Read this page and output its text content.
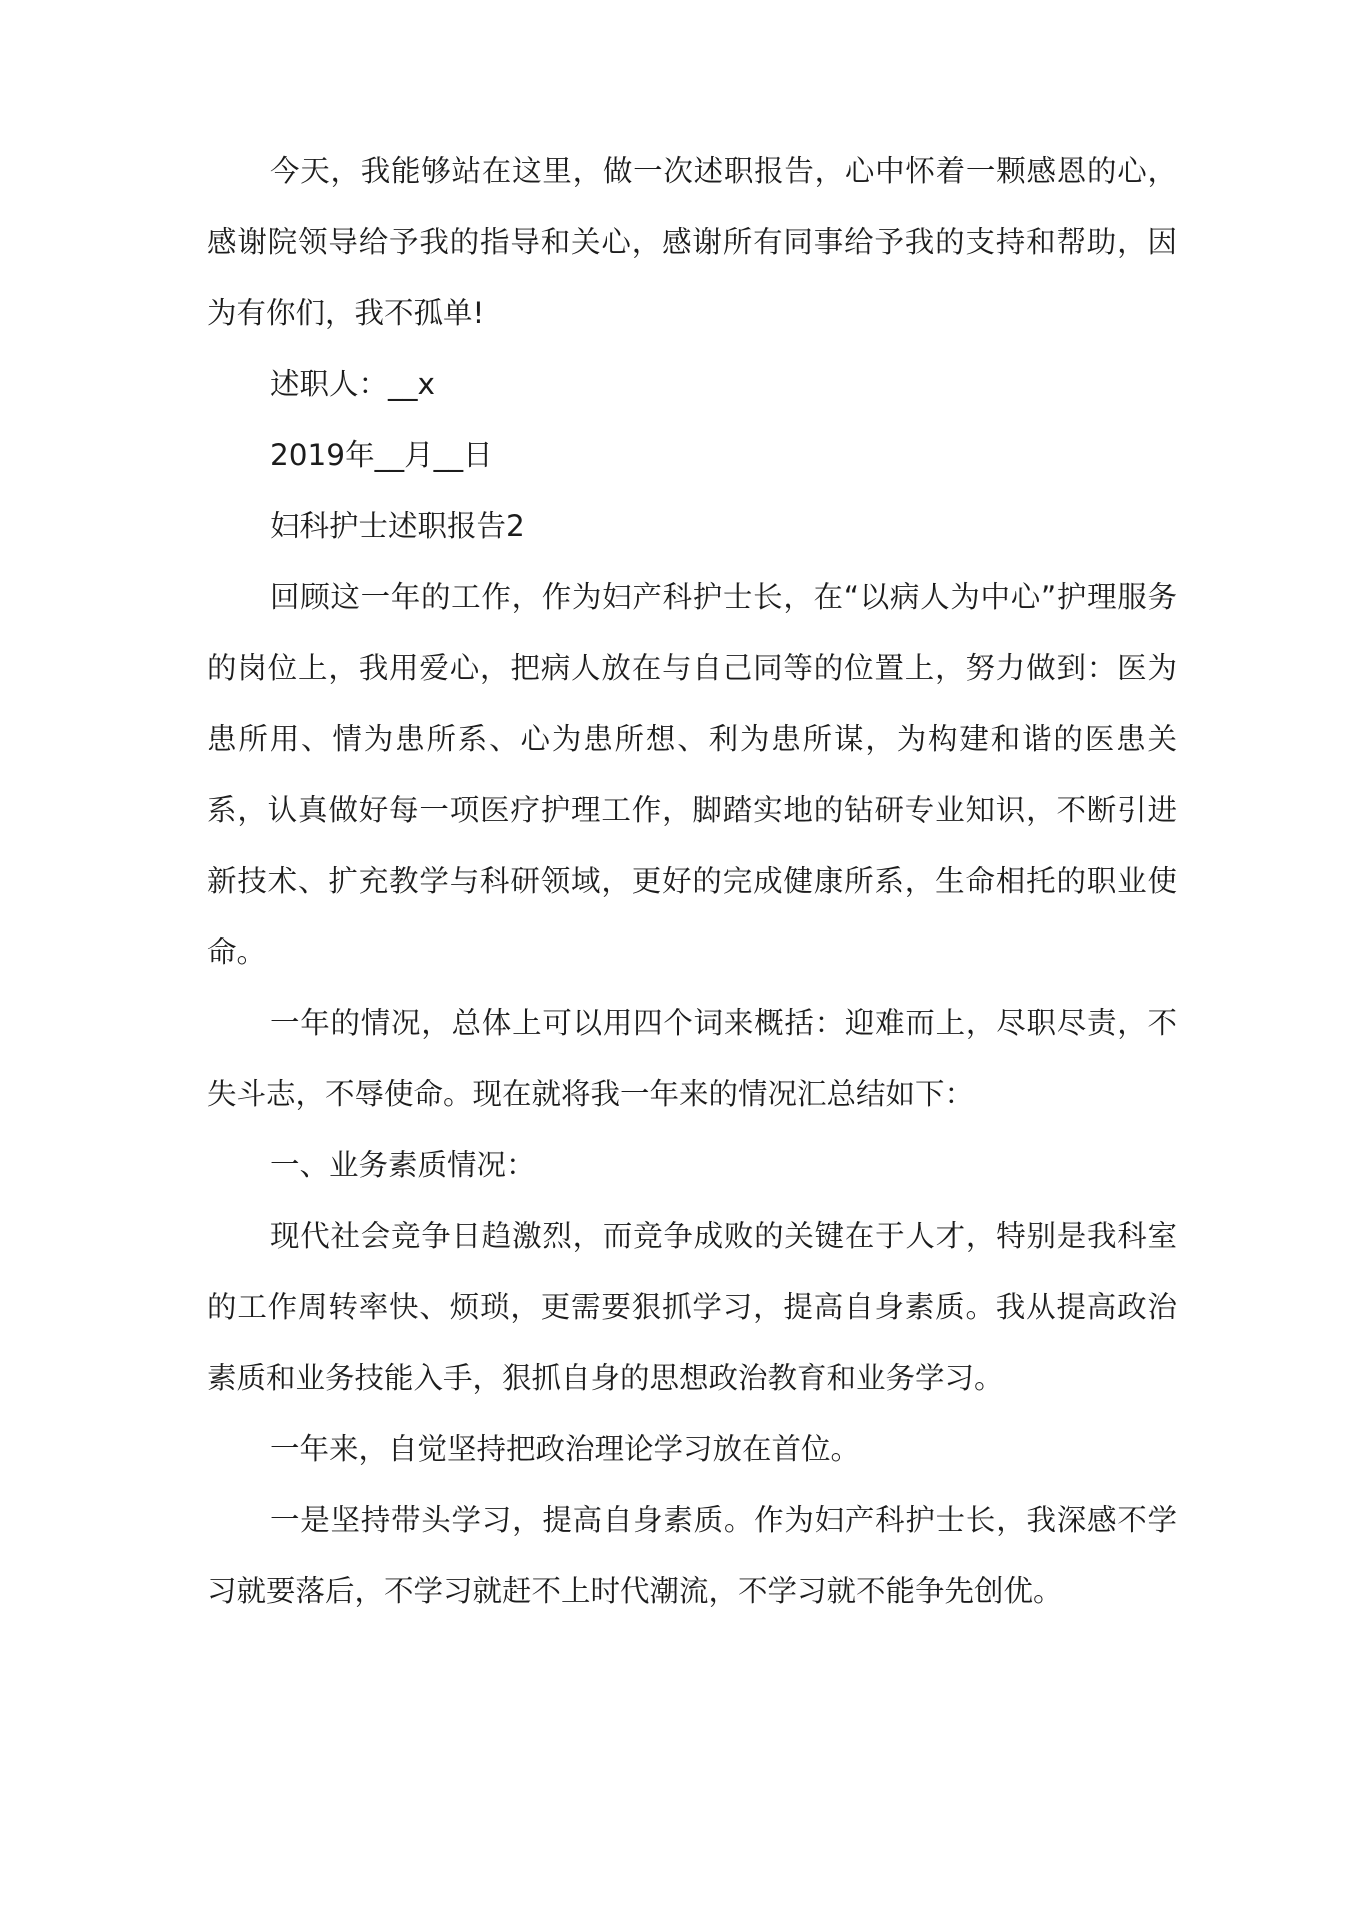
今天，我能够站在这里，做一次述职报告，心中怀着一颗感恩的心，感谢院领导给予我的指导和关心，感谢所有同事给予我的支持和帮助，因为有你们，我不孤单!

述职人：__x

2019年__月__日

妇科护士述职报告2

回顾这一年的工作，作为妇产科护士长，在“以病人为中心”护理服务的岗位上，我用爱心，把病人放在与自己同等的位置上，努力做到：医为患所用、情为患所系、心为患所想、利为患所谋，为构建和谐的医患关系，认真做好每一项医疗护理工作，脚踏实地的钻研专业知识，不断引进新技术、扩充教学与科研领域，更好的完成健康所系，生命相托的职业使命。

一年的情况，总体上可以用四个词来概括：迎难而上，尽职尽责，不失斗志，不辱使命。现在就将我一年来的情况汇总结如下：

一、业务素质情况：

现代社会竞争日趋激烈，而竞争成败的关键在于人才，特别是我科室的工作周转率快、烦琐，更需要狠抓学习，提高自身素质。我从提高政治素质和业务技能入手，狠抓自身的思想政治教育和业务学习。

一年来，自觉坚持把政治理论学习放在首位。

一是坚持带头学习，提高自身素质。作为妇产科护士长，我深感不学习就要落后，不学习就赶不上时代潮流，不学习就不能争先创优。
